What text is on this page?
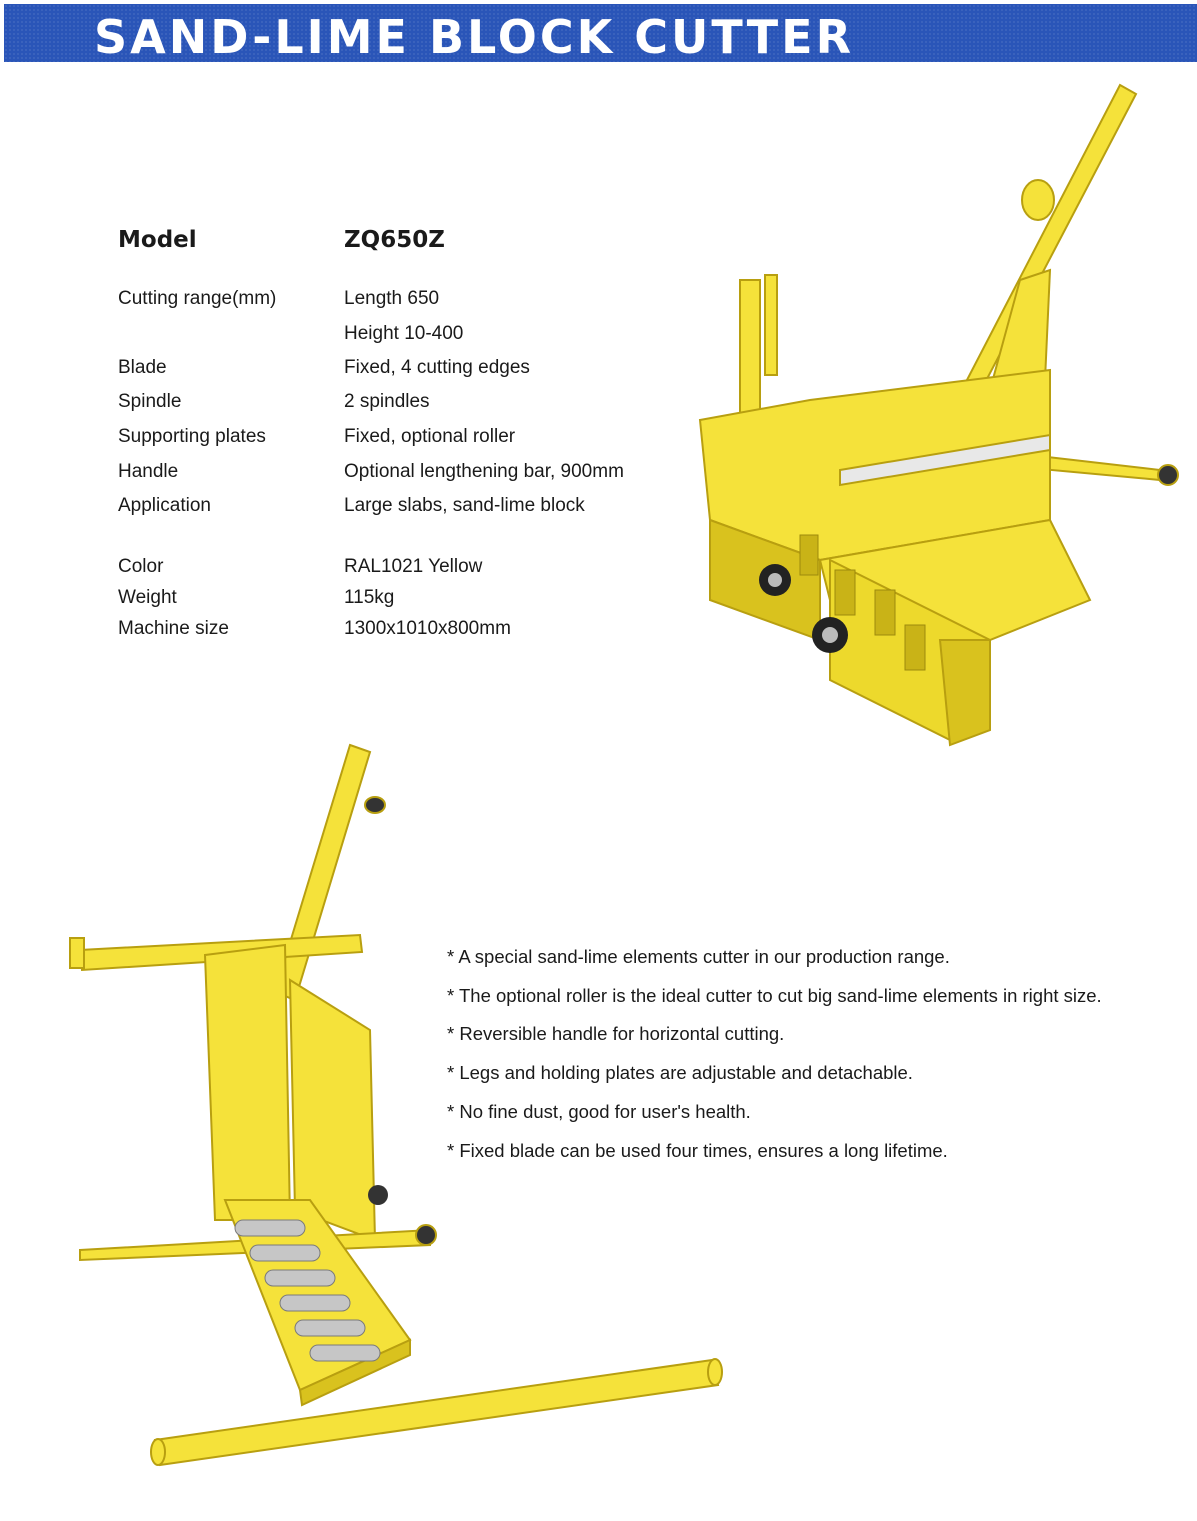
SAND-LIME BLOCK CUTTER
Model	ZQ650Z
Cutting range(mm)	Length 650
Height 10-400
Blade	Fixed, 4 cutting edges
Spindle	2 spindles
Supporting plates	Fixed, optional roller
Handle	Optional lengthening bar, 900mm
Application	Large slabs, sand-lime block
Color	RAL1021 Yellow
Weight	115kg
Machine size	1300x1010x800mm
* A special sand-lime elements cutter in our production range.
* The optional roller is the ideal cutter to cut big sand-lime elements in right size.
* Reversible handle for horizontal cutting.
* Legs and holding plates are adjustable and detachable.
* No fine dust, good for user's health.
* Fixed blade can be used four times, ensures a long lifetime.
